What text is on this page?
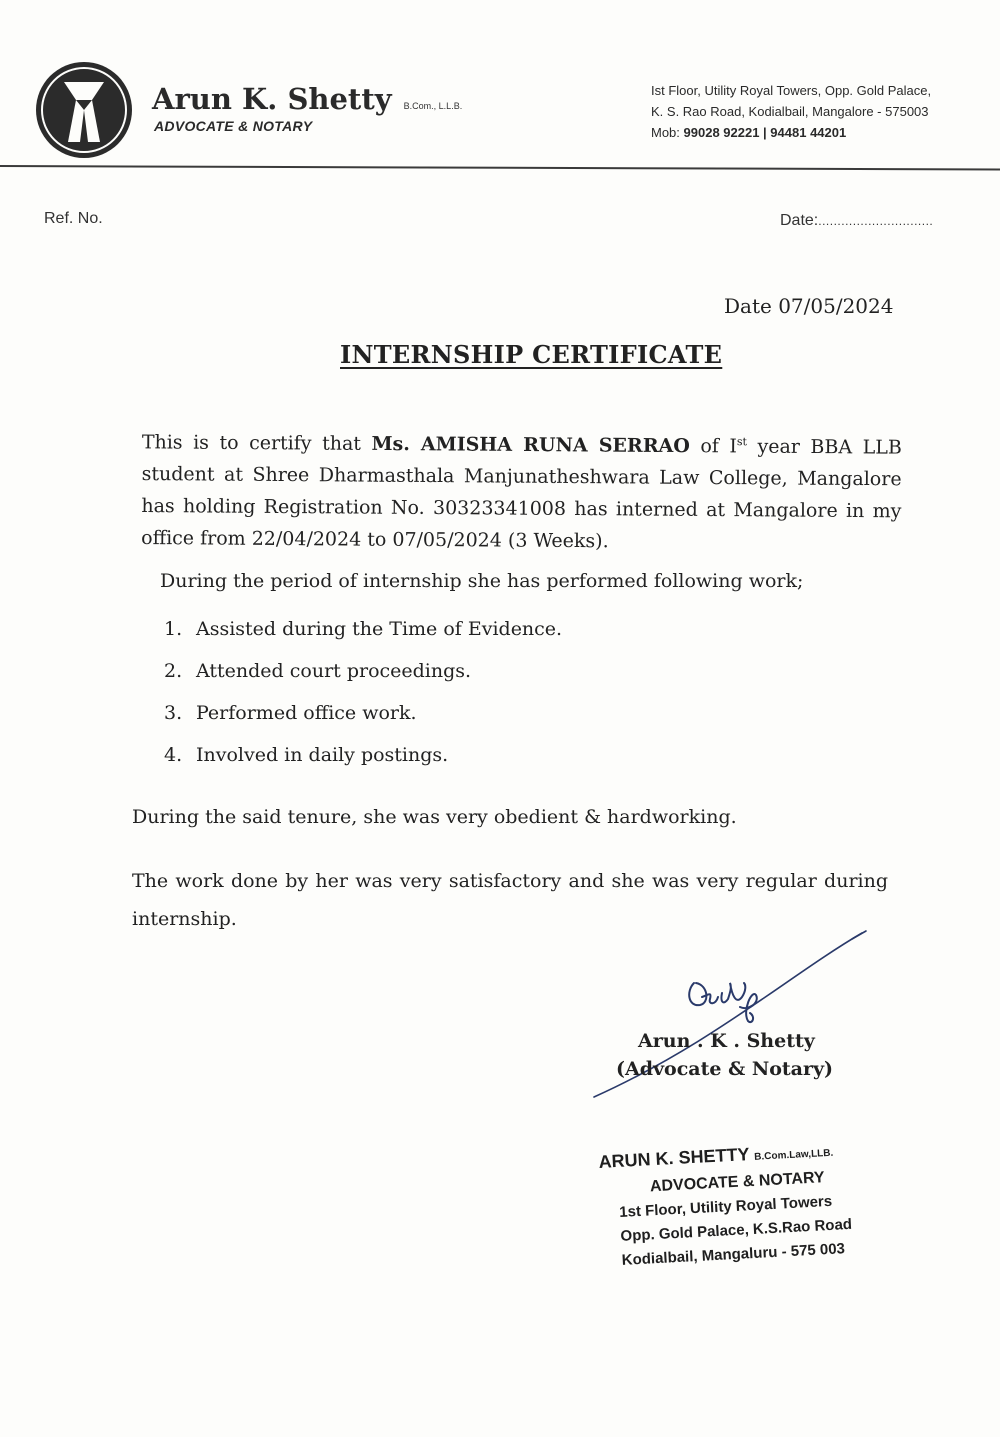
Arun K. Shetty B.Com., L.L.B.
ADVOCATE & NOTARY
Ist Floor, Utility Royal Towers, Opp. Gold Palace,
K. S. Rao Road, Kodialbail, Mangalore - 575003
Mob: 99028 92221 | 94481 44201
Ref. No.	Date:..............................
Date 07/05/2024
INTERNSHIP CERTIFICATE
This is to certify that Ms. AMISHA RUNA SERRAO of Ist year BBA LLB student at Shree Dharmasthala Manjunatheshwara Law College, Mangalore has holding Registration No. 30323341008 has interned at Mangalore in my office from 22/04/2024 to 07/05/2024 (3 Weeks).
During the period of internship she has performed following work;
1. Assisted during the Time of Evidence.
2. Attended court proceedings.
3. Performed office work.
4. Involved in daily postings.
During the said tenure, she was very obedient & hardworking.
The work done by her was very satisfactory and she was very regular during internship.
Arun . K . Shetty
(Advocate & Notary)
ARUN K. SHETTY B.Com.Law,LLB.
ADVOCATE & NOTARY
1st Floor, Utility Royal Towers
Opp. Gold Palace, K.S.Rao Road
Kodialbail, Mangaluru - 575 003
